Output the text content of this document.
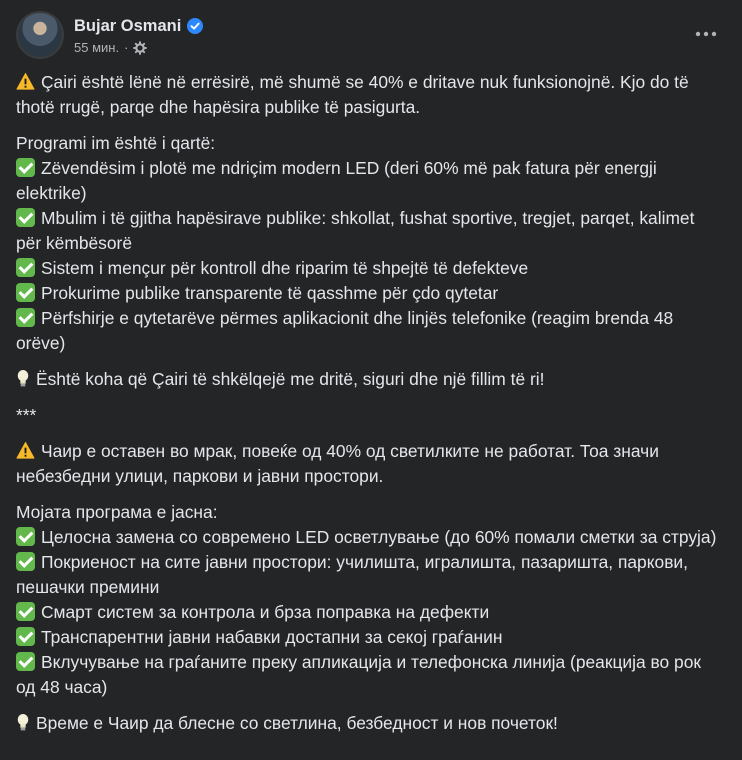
Bujar Osmani
55 мин. ·

Çairi është lënë në errësirë, më shumë se 40% e dritave nuk funksionojnë. Kjo do të thotë rrugë, parqe dhe hapësira publike të pasigurta.

Programi im është i qartë:
Zëvendësim i plotë me ndriçim modern LED (deri 60% më pak fatura për energji elektrike)
Mbulim i të gjitha hapësirave publike: shkollat, fushat sportive, tregjet, parqet, kalimet për këmbësorë
Sistem i mençur për kontroll dhe riparim të shpejtë të defekteve
Prokurime publike transparente të qasshme për çdo qytetar
Përfshirje e qytetarëve përmes aplikacionit dhe linjës telefonike (reagim brenda 48 orëve)

Është koha që Çairi të shkëlqejë me dritë, siguri dhe një fillim të ri!

***

Чаир е оставен во мрак, повеќе од 40% од светилките не работат. Тоа значи небезбедни улици, паркови и јавни простори.

Мојата програма е јасна:
Целосна замена со современо LED осветлување (до 60% помали сметки за струја)
Покриеност на сите јавни простори: училишта, игралишта, пазаришта, паркови, пешачки премини
Смарт систем за контрола и брза поправка на дефекти
Транспарентни јавни набавки достапни за секој граѓанин
Вклучување на граѓаните преку апликација и телефонска линија (реакција во рок од 48 часа)

Време е Чаир да блесне со светлина, безбедност и нов почеток!
